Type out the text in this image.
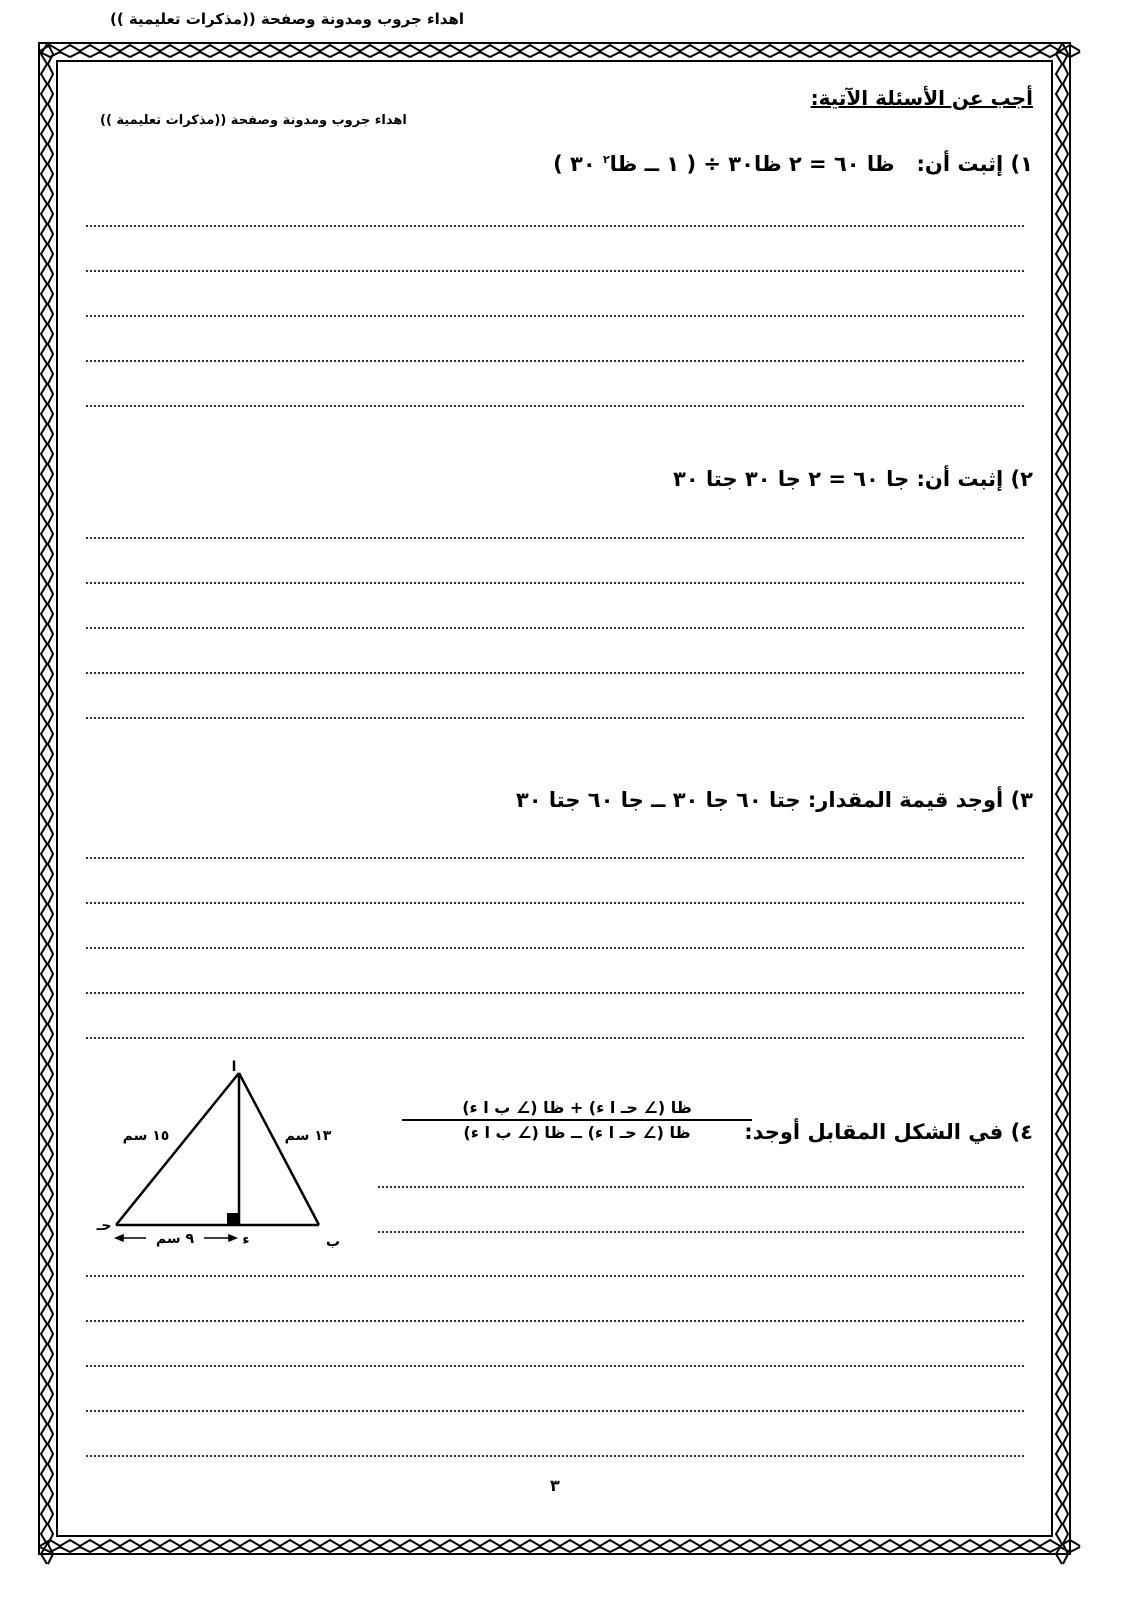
اهداء جروب ومدونة وصفحة ((مذكرات تعليمية ))
أجب عن الأسئلة الآتية:
اهداء جروب ومدونة وصفحة ((مذكرات تعليمية ))
١) إثبت أن:   ظا ٦٠ = ٢ ظا٣٠ ÷ ( ١ ــ ظا$^٢$ ٣٠ )
٢) إثبت أن: جا ٦٠ = ٢ جا ٣٠ جتا ٣٠
٣) أوجد قيمة المقدار: جتا ٦٠ جا ٣٠ ــ جا ٦٠ جتا ٣٠
٤) في الشكل المقابل أوجد:
ظا (∠ حـ ا ء) + ظا (∠ ب ا ء)
ظا (∠ حـ ا ء) ــ ظا (∠ ب ا ء)
ا
حـ
ب
ء
١٥ سم	١٣ سم
٩ سم
٣
